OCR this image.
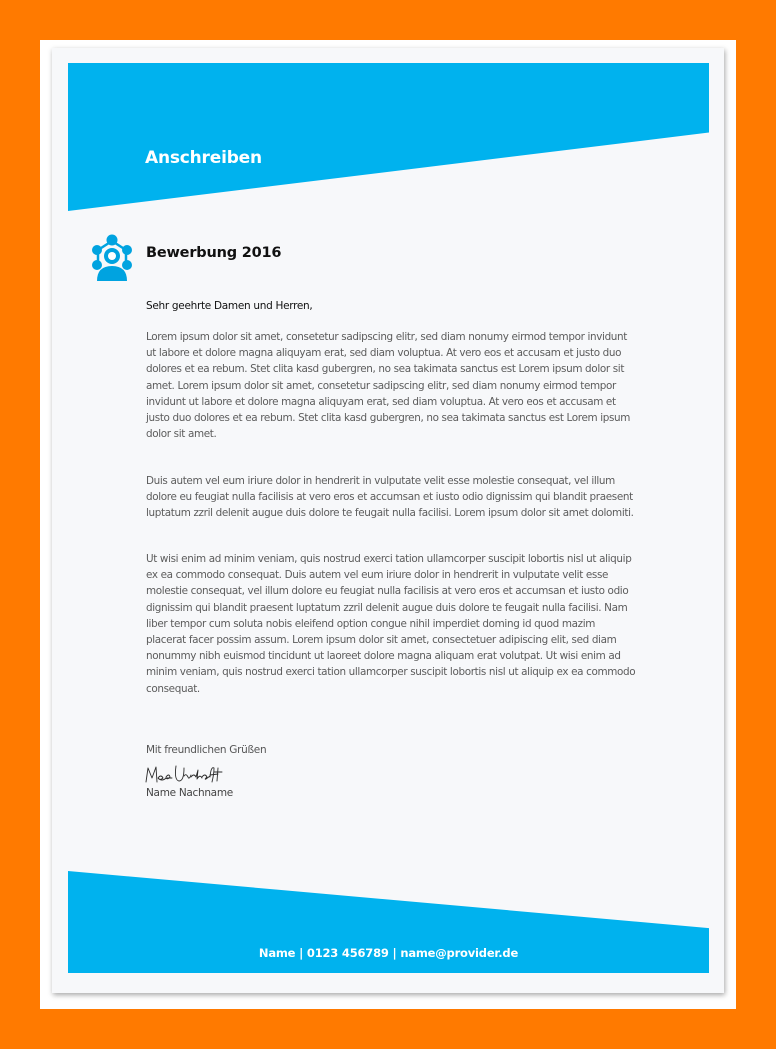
Anschreiben
Bewerbung 2016
Sehr geehrte Damen und Herren,
Lorem ipsum dolor sit amet, consetetur sadipscing elitr, sed diam nonumy eirmod tempor invidunt ut labore et dolore magna aliquyam erat, sed diam voluptua. At vero eos et accusam et justo duo dolores et ea rebum. Stet clita kasd gubergren, no sea takimata sanctus est Lorem ipsum dolor sit amet. Lorem ipsum dolor sit amet, consetetur sadipscing elitr, sed diam nonumy eirmod tempor invidunt ut labore et dolore magna aliquyam erat, sed diam voluptua. At vero eos et accusam et justo duo dolores et ea rebum. Stet clita kasd gubergren, no sea takimata sanctus est Lorem ipsum dolor sit amet.
Duis autem vel eum iriure dolor in hendrerit in vulputate velit esse molestie consequat, vel illum dolore eu feugiat nulla facilisis at vero eros et accumsan et iusto odio dignissim qui blandit praesent luptatum zzril delenit augue duis dolore te feugait nulla facilisi. Lorem ipsum dolor sit amet dolomiti.
Ut wisi enim ad minim veniam, quis nostrud exerci tation ullamcorper suscipit lobortis nisl ut aliquip ex ea commodo consequat. Duis autem vel eum iriure dolor in hendrerit in vulputate velit esse molestie consequat, vel illum dolore eu feugiat nulla facilisis at vero eros et accumsan et iusto odio dignissim qui blandit praesent luptatum zzril delenit augue duis dolore te feugait nulla facilisi. Nam liber tempor cum soluta nobis eleifend option congue nihil imperdiet doming id quod mazim placerat facer possim assum. Lorem ipsum dolor sit amet, consectetuer adipiscing elit, sed diam nonummy nibh euismod tincidunt ut laoreet dolore magna aliquam erat volutpat. Ut wisi enim ad minim veniam, quis nostrud exerci tation ullamcorper suscipit lobortis nisl ut aliquip ex ea commodo consequat.
Mit freundlichen Grüßen
Name Nachname
Name | 0123 456789 | name@provider.de
